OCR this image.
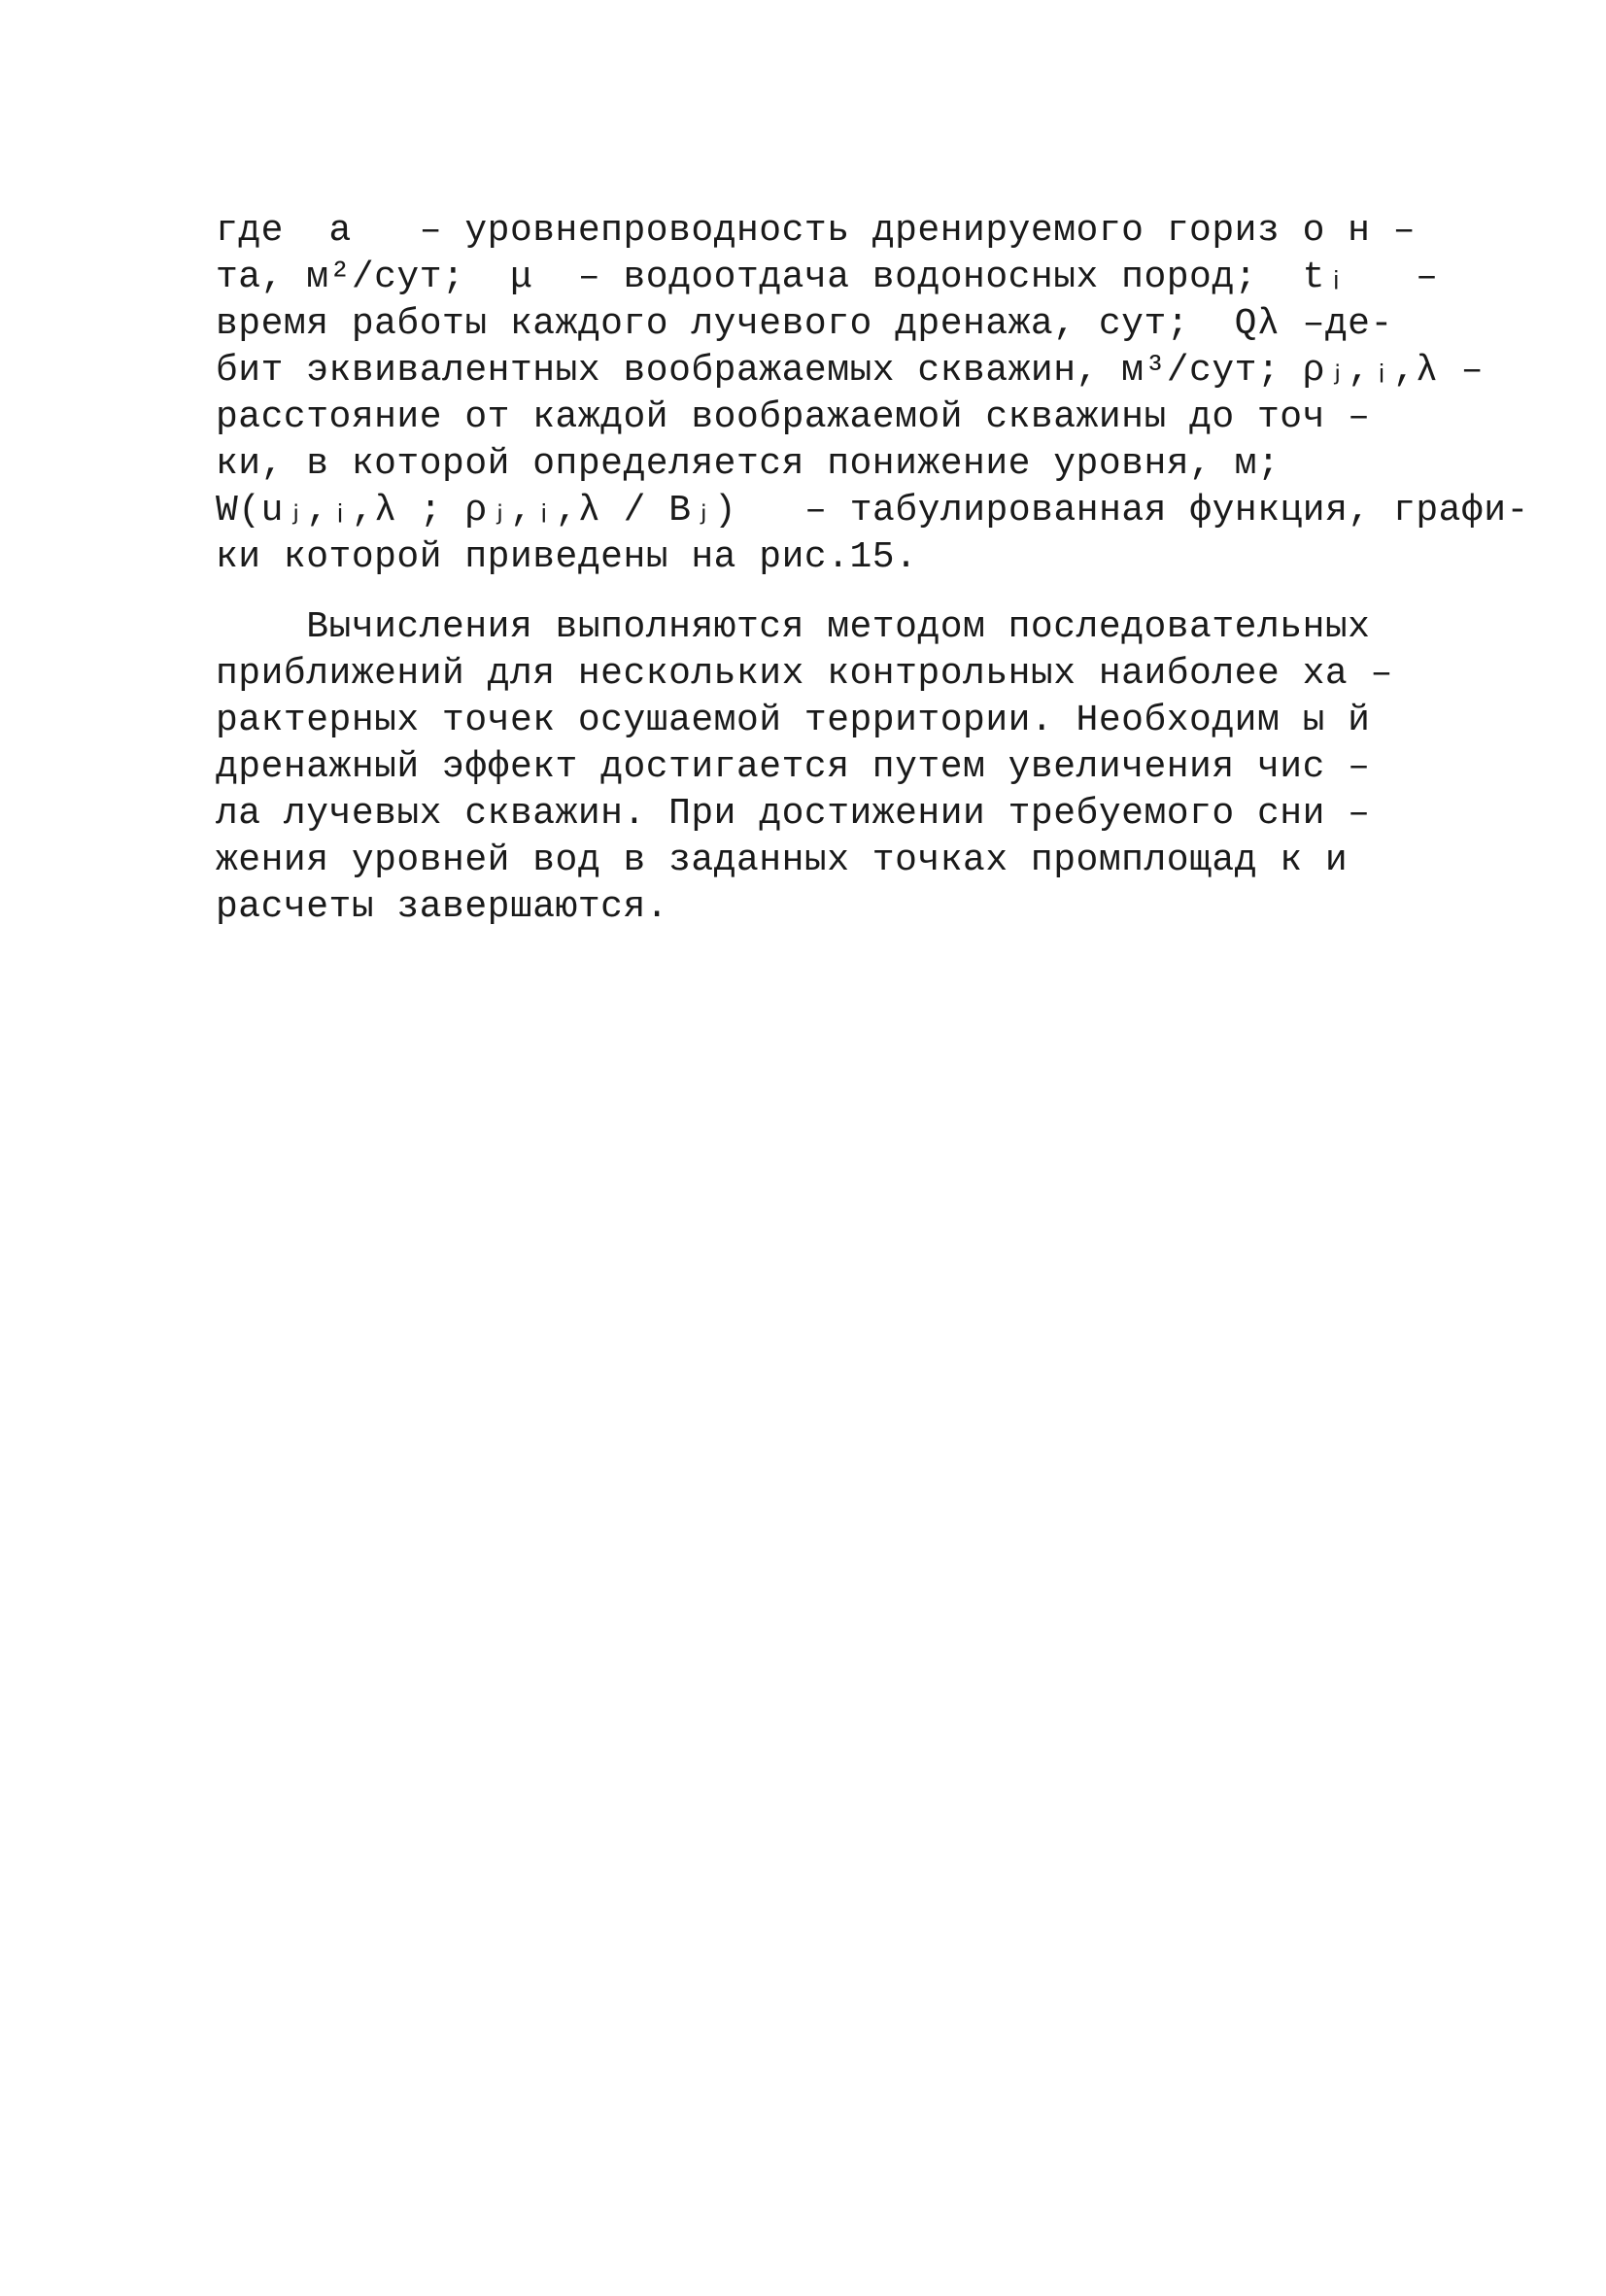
где  a   – уровнепроводность дренируемого гориз о н –
та, м²/сут;  μ  – водоотдача водоносных пород;  tᵢ   –
время работы каждого лучевого дренажа, сут;  Qλ –де-
бит эквивалентных воображаемых скважин, м³/сут; ρⱼ,ᵢ,λ –
расстояние от каждой воображаемой скважины до точ –
ки, в которой определяется понижение уровня, м;
W(uⱼ,ᵢ,λ ; ρⱼ,ᵢ,λ / Bⱼ)   – табулированная функция, графи-
ки которой приведены на рис.15.
Вычисления выполняются методом последовательных
приближений для нескольких контрольных наиболее ха –
рактерных точек осушаемой территории. Необходим ы й
дренажный эффект достигается путем увеличения чис –
ла лучевых скважин. При достижении требуемого сни –
жения уровней вод в заданных точках промплощад к и
расчеты завершаются.
